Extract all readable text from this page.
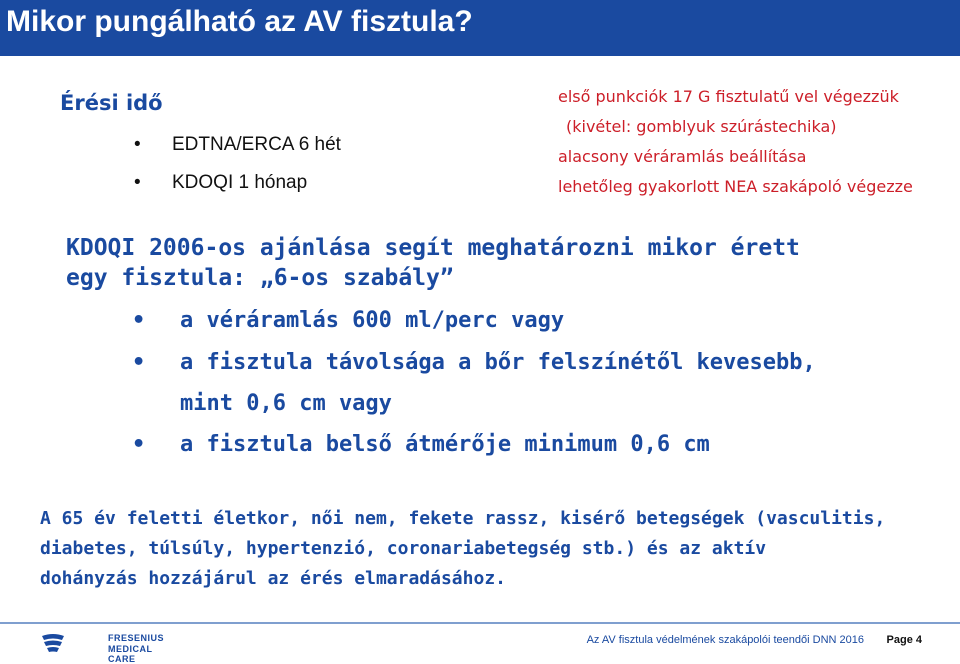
Mikor pungálható az AV fisztula?
Érési idő
• EDTNA/ERCA 6 hét
• KDOQI 1 hónap
első punkciók 17 G fisztulatű vel végezzük
(kivétel: gomblyuk szúrástechika)
alacsony véráramlás beállítása
lehetőleg gyakorlott NEA szakápoló végezze
KDOQI 2006-os ajánlása segít meghatározni mikor érett
egy fisztula: „6-os szabály”
• a véráramlás 600 ml/perc vagy
• a fisztula távolsága a bőr felszínétől kevesebb,
mint 0,6 cm vagy
• a fisztula belső átmérője minimum 0,6 cm
A 65 év feletti életkor, női nem, fekete rassz, kisérő betegségek (vasculitis,
diabetes, túlsúly, hypertenzió, coronariabetegség stb.) és az aktív
dohányzás hozzájárul az érés elmaradásához.
FRESENIUS
MEDICAL CARE
Az AV fisztula védelmének szakápolói teendői DNN 2016 Page 4
